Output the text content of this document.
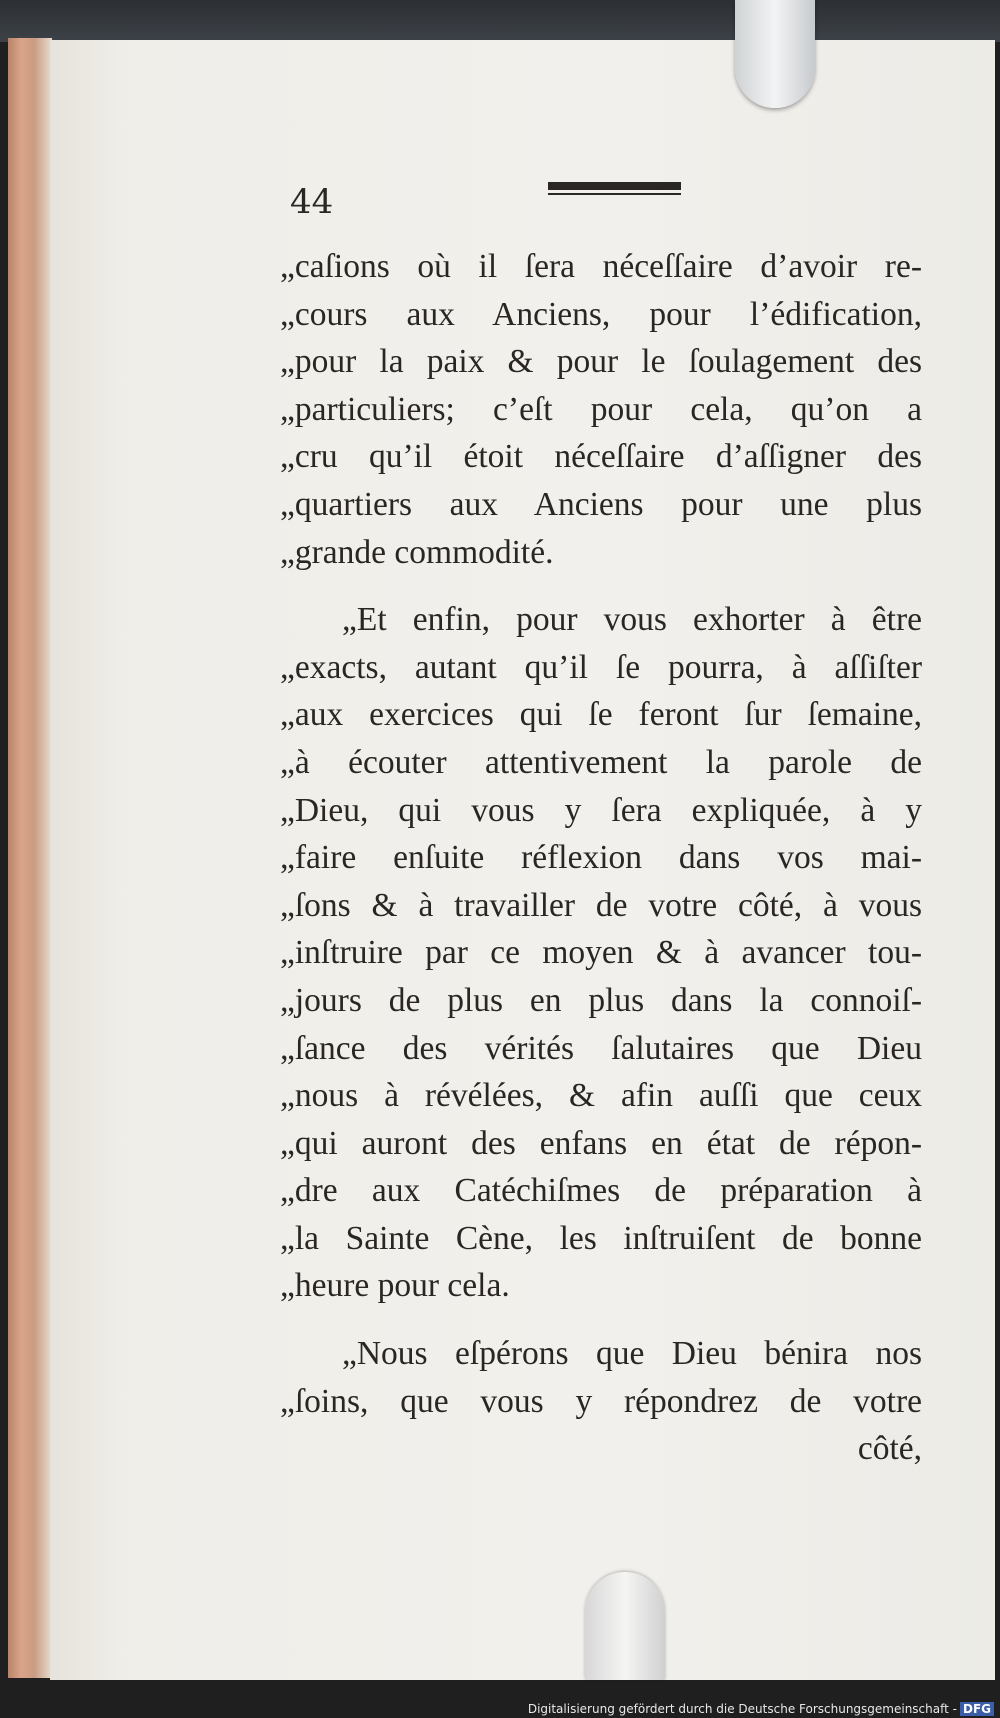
44
„caſions où il ſera néceſſaire d’avoir re-
„cours aux Anciens, pour l’édification,
„pour la paix & pour le ſoulagement des
„particuliers; c’eſt pour cela, qu’on a
„cru qu’il étoit néceſſaire d’aſſigner des
„quartiers aux Anciens pour une plus
„grande commodité.
„Et enfin, pour vous exhorter à être
„exacts, autant qu’il ſe pourra, à aſſiſter
„aux exercices qui ſe feront ſur ſemaine,
„à écouter attentivement la parole de
„Dieu, qui vous y ſera expliquée, à y
„faire enſuite réflexion dans vos mai-
„ſons & à travailler de votre côté, à vous
„inſtruire par ce moyen & à avancer tou-
„jours de plus en plus dans la connoiſ-
„ſance des vérités ſalutaires que Dieu
„nous à révélées, & afin auſſi que ceux
„qui auront des enfans en état de répon-
„dre aux Catéchiſmes de préparation à
„la Sainte Cène, les inſtruiſent de bonne
„heure pour cela.
„Nous eſpérons que Dieu bénira nos
„ſoins, que vous y répondrez de votre
côté,
Digitalisierung gefördert durch die Deutsche Forschungsgemeinschaft - DFG
